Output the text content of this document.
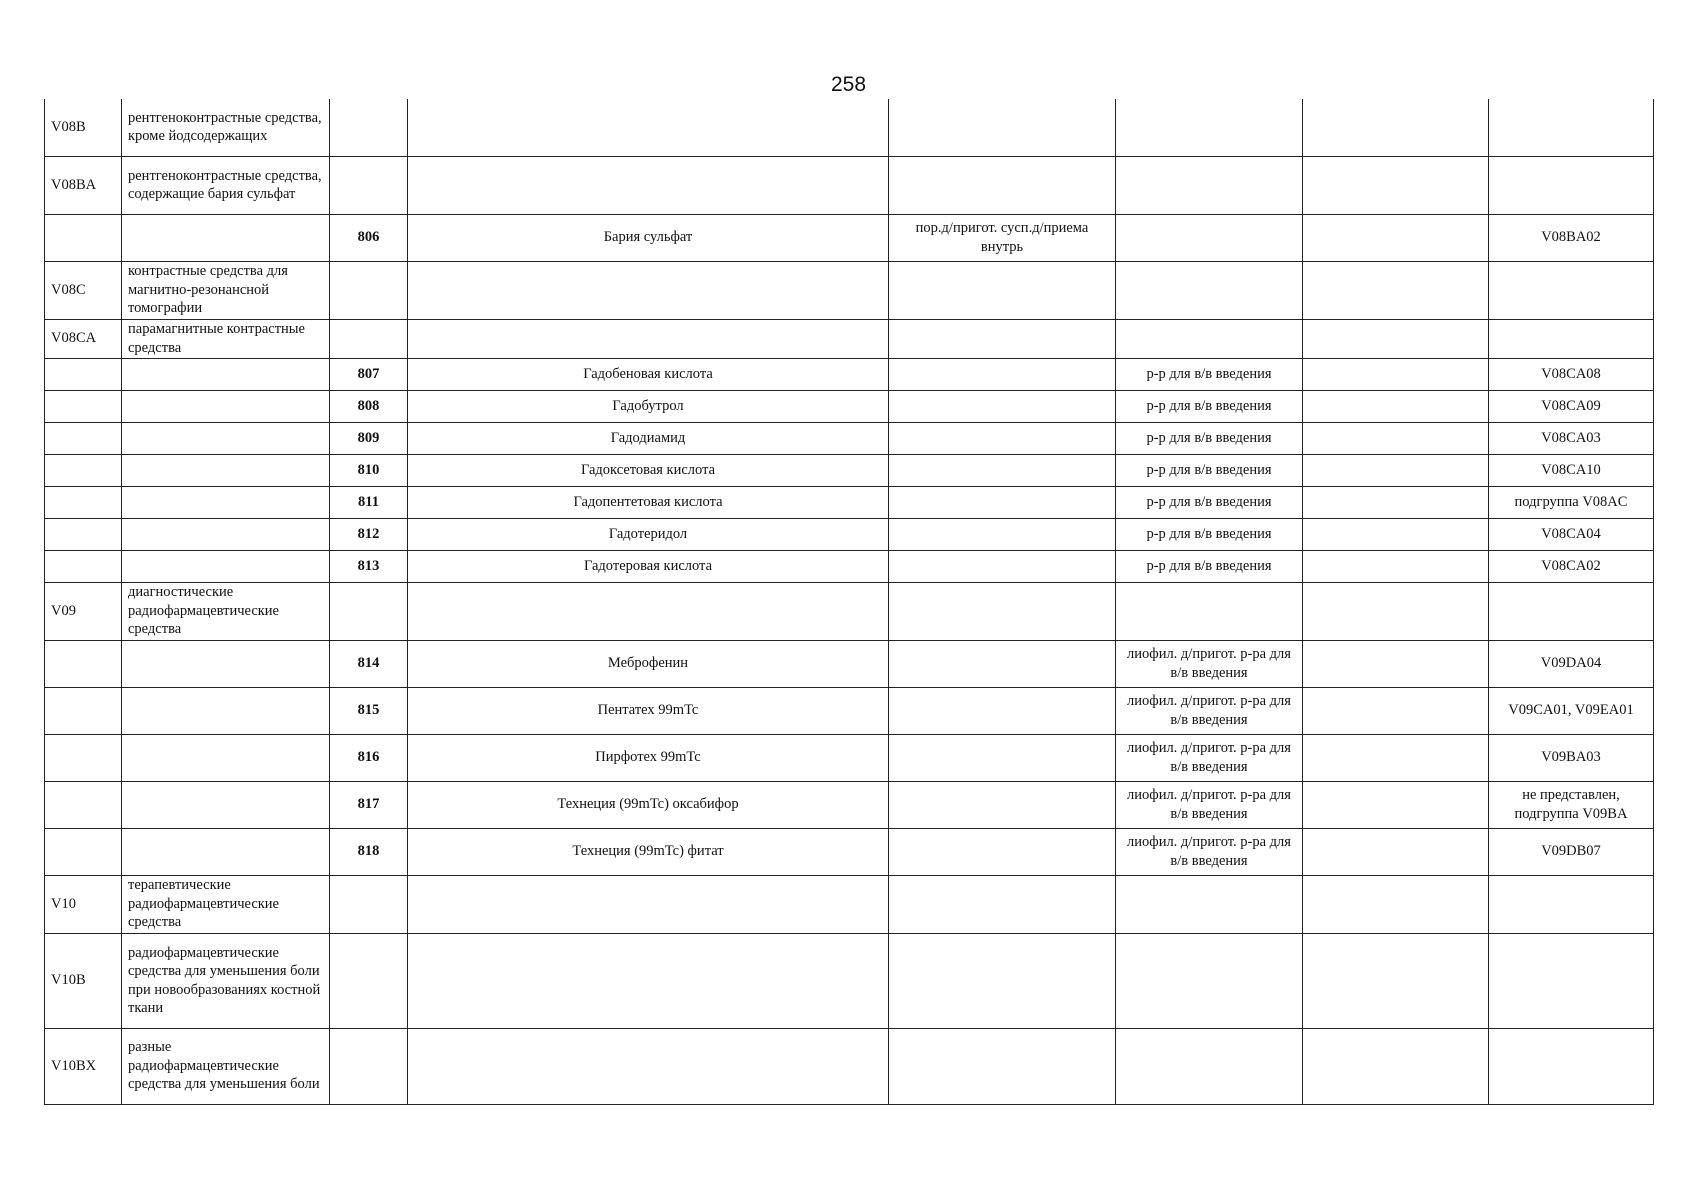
258
V08B	рентгеноконтрастные средства, кроме йодсодержащих						
V08BA	рентгеноконтрастные средства, содержащие бария сульфат						
		806	Бария сульфат	пор.д/пригот. сусп.д/приема внутрь			V08BA02
V08C	контрастные средства для магнитно-резонансной томографии						
V08CA	парамагнитные контрастные средства						
		807	Гадобеновая кислота		р-р для в/в введения		V08CA08
		808	Гадобутрол		р-р для в/в введения		V08CA09
		809	Гадодиамид		р-р для в/в введения		V08CA03
		810	Гадоксетовая кислота		р-р для в/в введения		V08CA10
		811	Гадопентетовая кислота		р-р для в/в введения		подгруппа V08AC
		812	Гадотеридол		р-р для в/в введения		V08CA04
		813	Гадотеровая кислота		р-р для в/в введения		V08CA02
V09	диагностические радиофармацевтические средства						
		814	Меброфенин		лиофил. д/пригот. р-ра для в/в введения		V09DA04
		815	Пентатех 99mTc		лиофил. д/пригот. р-ра для в/в введения		V09CA01, V09EA01
		816	Пирфотех 99mTc		лиофил. д/пригот. р-ра для в/в введения		V09BA03
		817	Технеция (99mTc) оксабифор		лиофил. д/пригот. р-ра для в/в введения		не представлен, подгруппа V09BA
		818	Технеция (99mTc) фитат		лиофил. д/пригот. р-ра для в/в введения		V09DB07
V10	терапевтические радиофармацевтические средства						
V10B	радиофармацевтические средства для уменьшения боли при новообразованиях костной ткани						
V10BX	разные радиофармацевтические средства для уменьшения боли						
